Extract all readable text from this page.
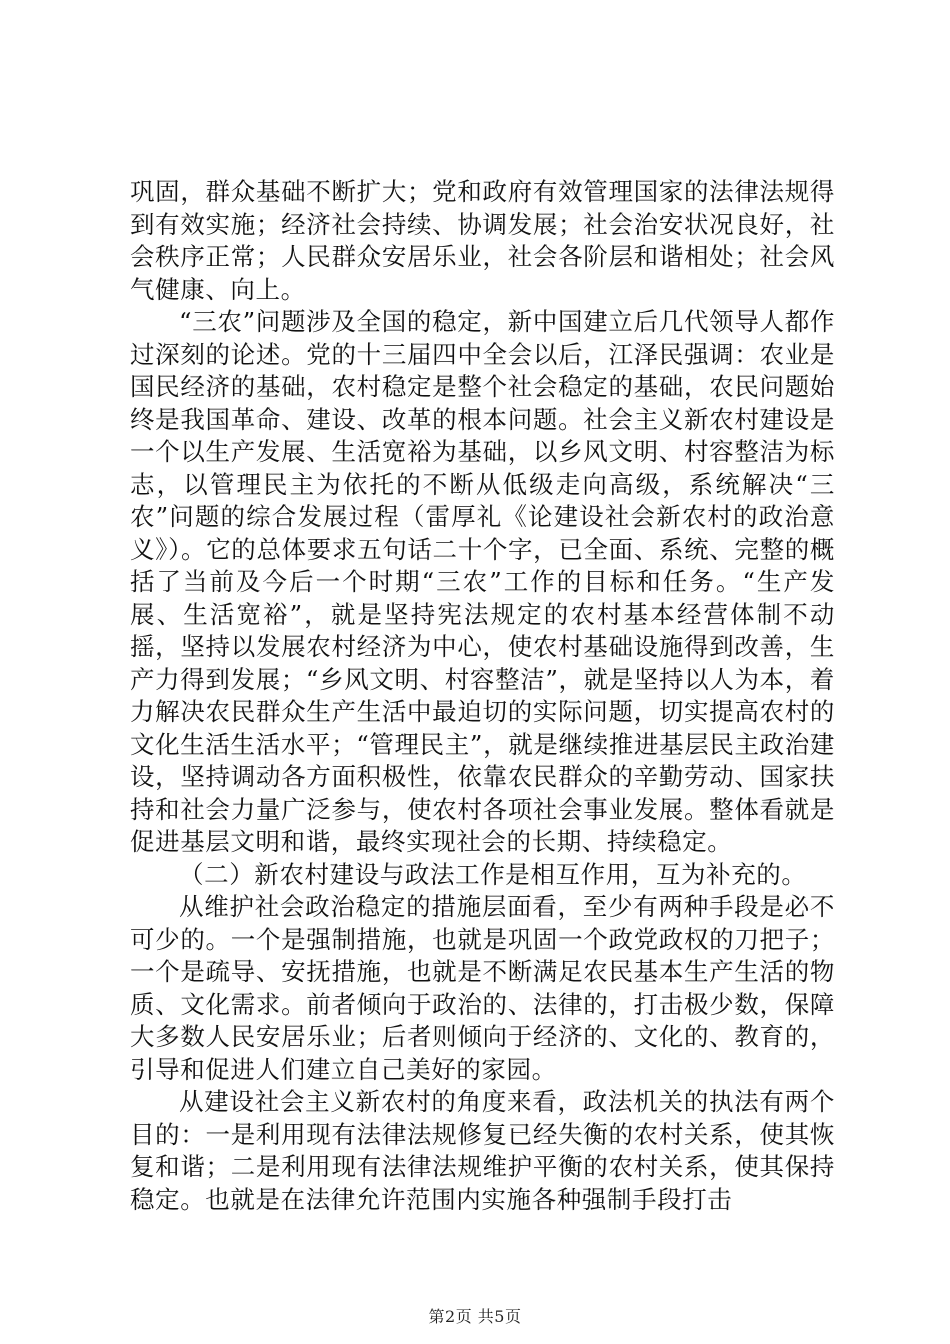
巩固，群众基础不断扩大；党和政府有效管理国家的法律法规得到有效实施；经济社会持续、协调发展；社会治安状况良好，社会秩序正常；人民群众安居乐业，社会各阶层和谐相处；社会风气健康、向上。

“三农”问题涉及全国的稳定，新中国建立后几代领导人都作过深刻的论述。党的十三届四中全会以后，江泽民强调：农业是国民经济的基础，农村稳定是整个社会稳定的基础，农民问题始终是我国革命、建设、改革的根本问题。社会主义新农村建设是一个以生产发展、生活宽裕为基础，以乡风文明、村容整洁为标志，以管理民主为依托的不断从低级走向高级，系统解决“三农”问题的综合发展过程（雷厚礼《论建设社会新农村的政治意义》）。它的总体要求五句话二十个字，已全面、系统、完整的概括了当前及今后一个时期“三农”工作的目标和任务。“生产发展、生活宽裕”，就是坚持宪法规定的农村基本经营体制不动摇，坚持以发展农村经济为中心，使农村基础设施得到改善，生产力得到发展；“乡风文明、村容整洁”，就是坚持以人为本，着力解决农民群众生产生活中最迫切的实际问题，切实提高农村的文化生活生活水平；“管理民主”，就是继续推进基层民主政治建设，坚持调动各方面积极性，依靠农民群众的辛勤劳动、国家扶持和社会力量广泛参与，使农村各项社会事业发展。整体看就是促进基层文明和谐，最终实现社会的长期、持续稳定。

（二）新农村建设与政法工作是相互作用，互为补充的。

从维护社会政治稳定的措施层面看，至少有两种手段是必不可少的。一个是强制措施，也就是巩固一个政党政权的刀把子；一个是疏导、安抚措施，也就是不断满足农民基本生产生活的物质、文化需求。前者倾向于政治的、法律的，打击极少数，保障大多数人民安居乐业；后者则倾向于经济的、文化的、教育的，引导和促进人们建立自己美好的家园。

从建设社会主义新农村的角度来看，政法机关的执法有两个目的：一是利用现有法律法规修复已经失衡的农村关系，使其恢复和谐；二是利用现有法律法规维护平衡的农村关系，使其保持稳定。也就是在法律允许范围内实施各种强制手段打击

第2页 共5页
